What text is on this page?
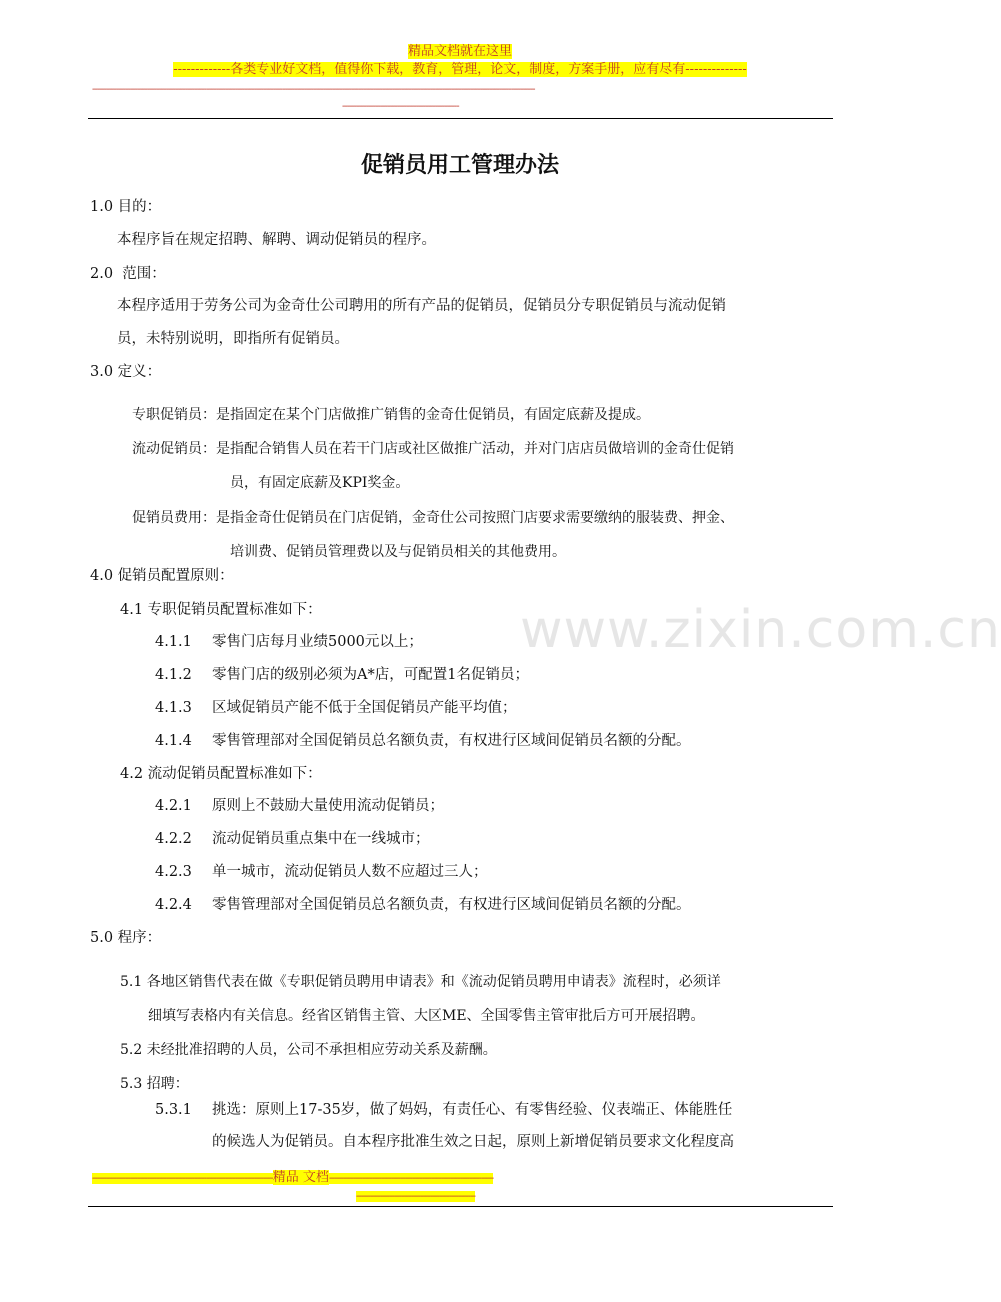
精品文档就在这里
-------------各类专业好文档，值得你下载，教育，管理，论文，制度，方案手册，应有尽有--------------
------------------------------------------------------------------------------------------------------------------------------------------------------------------------------------------
-------------------------------------------------
www.zixin.com.cn
促销员用工管理办法
1.0 目的：
本程序旨在规定招聘、解聘、调动促销员的程序。
2.0 范围：
本程序适用于劳务公司为金奇仕公司聘用的所有产品的促销员，促销员分专职促销员与流动促销
员，未特别说明，即指所有促销员。
3.0 定义：
专职促销员：是指固定在某个门店做推广销售的金奇仕促销员，有固定底薪及提成。
流动促销员：是指配合销售人员在若干门店或社区做推广活动，并对门店店员做培训的金奇仕促销
员，有固定底薪及KPI奖金。
促销员费用：是指金奇仕促销员在门店促销，金奇仕公司按照门店要求需要缴纳的服装费、押金、
培训费、促销员管理费以及与促销员相关的其他费用。
4.0 促销员配置原则：
4.1 专职促销员配置标准如下：
4.1.1 零售门店每月业绩5000元以上；
4.1.2 零售门店的级别必须为A*店，可配置1名促销员；
4.1.3 区域促销员产能不低于全国促销员产能平均值；
4.1.4 零售管理部对全国促销员总名额负责，有权进行区域间促销员名额的分配。
4.2 流动促销员配置标准如下：
4.2.1 原则上不鼓励大量使用流动促销员；
4.2.2 流动促销员重点集中在一线城市；
4.2.3 单一城市，流动促销员人数不应超过三人；
4.2.4 零售管理部对全国促销员总名额负责，有权进行区域间促销员名额的分配。
5.0 程序：
5.1 各地区销售代表在做《专职促销员聘用申请表》和《流动促销员聘用申请表》流程时，必须详
细填写表格内有关信息。经省区销售主管、大区ME、全国零售主管审批后方可开展招聘。
5.2 未经批准招聘的人员，公司不承担相应劳动关系及薪酬。
5.3 招聘：
5.3.1 挑选：原则上17-35岁，做了妈妈，有责任心、有零售经验、仪表端正、体能胜任
的候选人为促销员。自本程序批准生效之日起，原则上新增促销员要求文化程度高
----------------------------------------------------------------------------精品 文档---------------------------------------------------------------------
--------------------------------------------------
